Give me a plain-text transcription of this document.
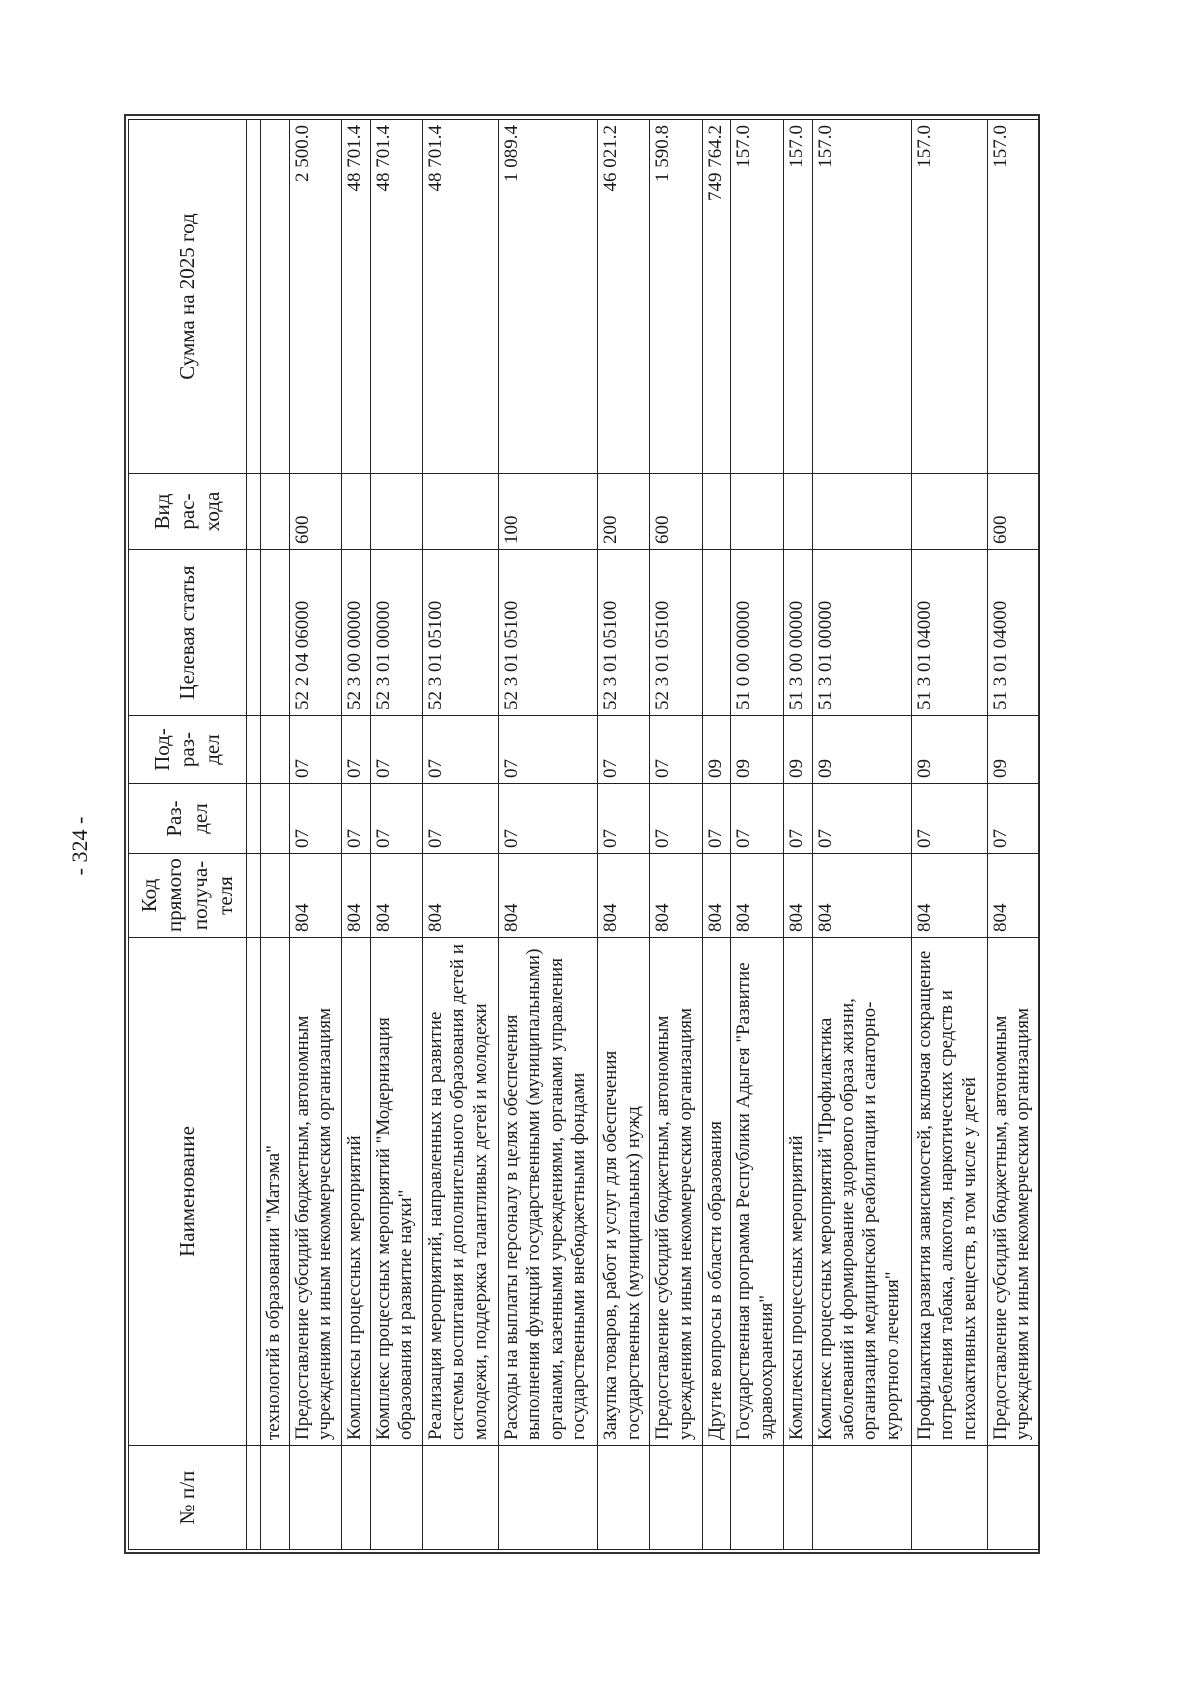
- 324 -
№ п/п	Наименование	Код прямого получа-теля	Раз-дел	Под-раз-дел	Целевая статья	Вид рас-хода	Сумма на 2025 год

	технологий в образовании "Матэма"						
	Предоставление субсидий бюджетным, автономным учреждениям и иным некоммерческим организациям	804	07	07	52 2 04 06000	600	2 500.0
	Комплексы процессных мероприятий	804	07	07	52 3 00 00000		48 701.4
	Комплекс процессных мероприятий "Модернизация образования и развитие науки"	804	07	07	52 3 01 00000		48 701.4
	Реализация мероприятий, направленных на развитие системы воспитания и дополнительного образования детей и молодежи, поддержка талантливых детей и молодежи	804	07	07	52 3 01 05100		48 701.4
	Расходы на выплаты персоналу в целях обеспечения выполнения функций государственными (муниципальными) органами, казенными учреждениями, органами управления государственными внебюджетными фондами	804	07	07	52 3 01 05100	100	1 089.4
	Закупка товаров, работ и услуг для обеспечения государственных (муниципальных) нужд	804	07	07	52 3 01 05100	200	46 021.2
	Предоставление субсидий бюджетным, автономным учреждениям и иным некоммерческим организациям	804	07	07	52 3 01 05100	600	1 590.8
	Другие вопросы в области образования	804	07	09			749 764.2
	Государственная программа Республики Адыгея "Развитие здравоохранения"	804	07	09	51 0 00 00000		157.0
	Комплексы процессных мероприятий	804	07	09	51 3 00 00000		157.0
	Комплекс процессных мероприятий "Профилактика заболеваний и формирование здорового образа жизни, организация медицинской реабилитации и санаторно-курортного лечения"	804	07	09	51 3 01 00000		157.0
	Профилактика развития зависимостей, включая сокращение потребления табака, алкоголя, наркотических средств и психоактивных веществ, в том числе у детей	804	07	09	51 3 01 04000		157.0
	Предоставление субсидий бюджетным, автономным учреждениям и иным некоммерческим организациям	804	07	09	51 3 01 04000	600	157.0
